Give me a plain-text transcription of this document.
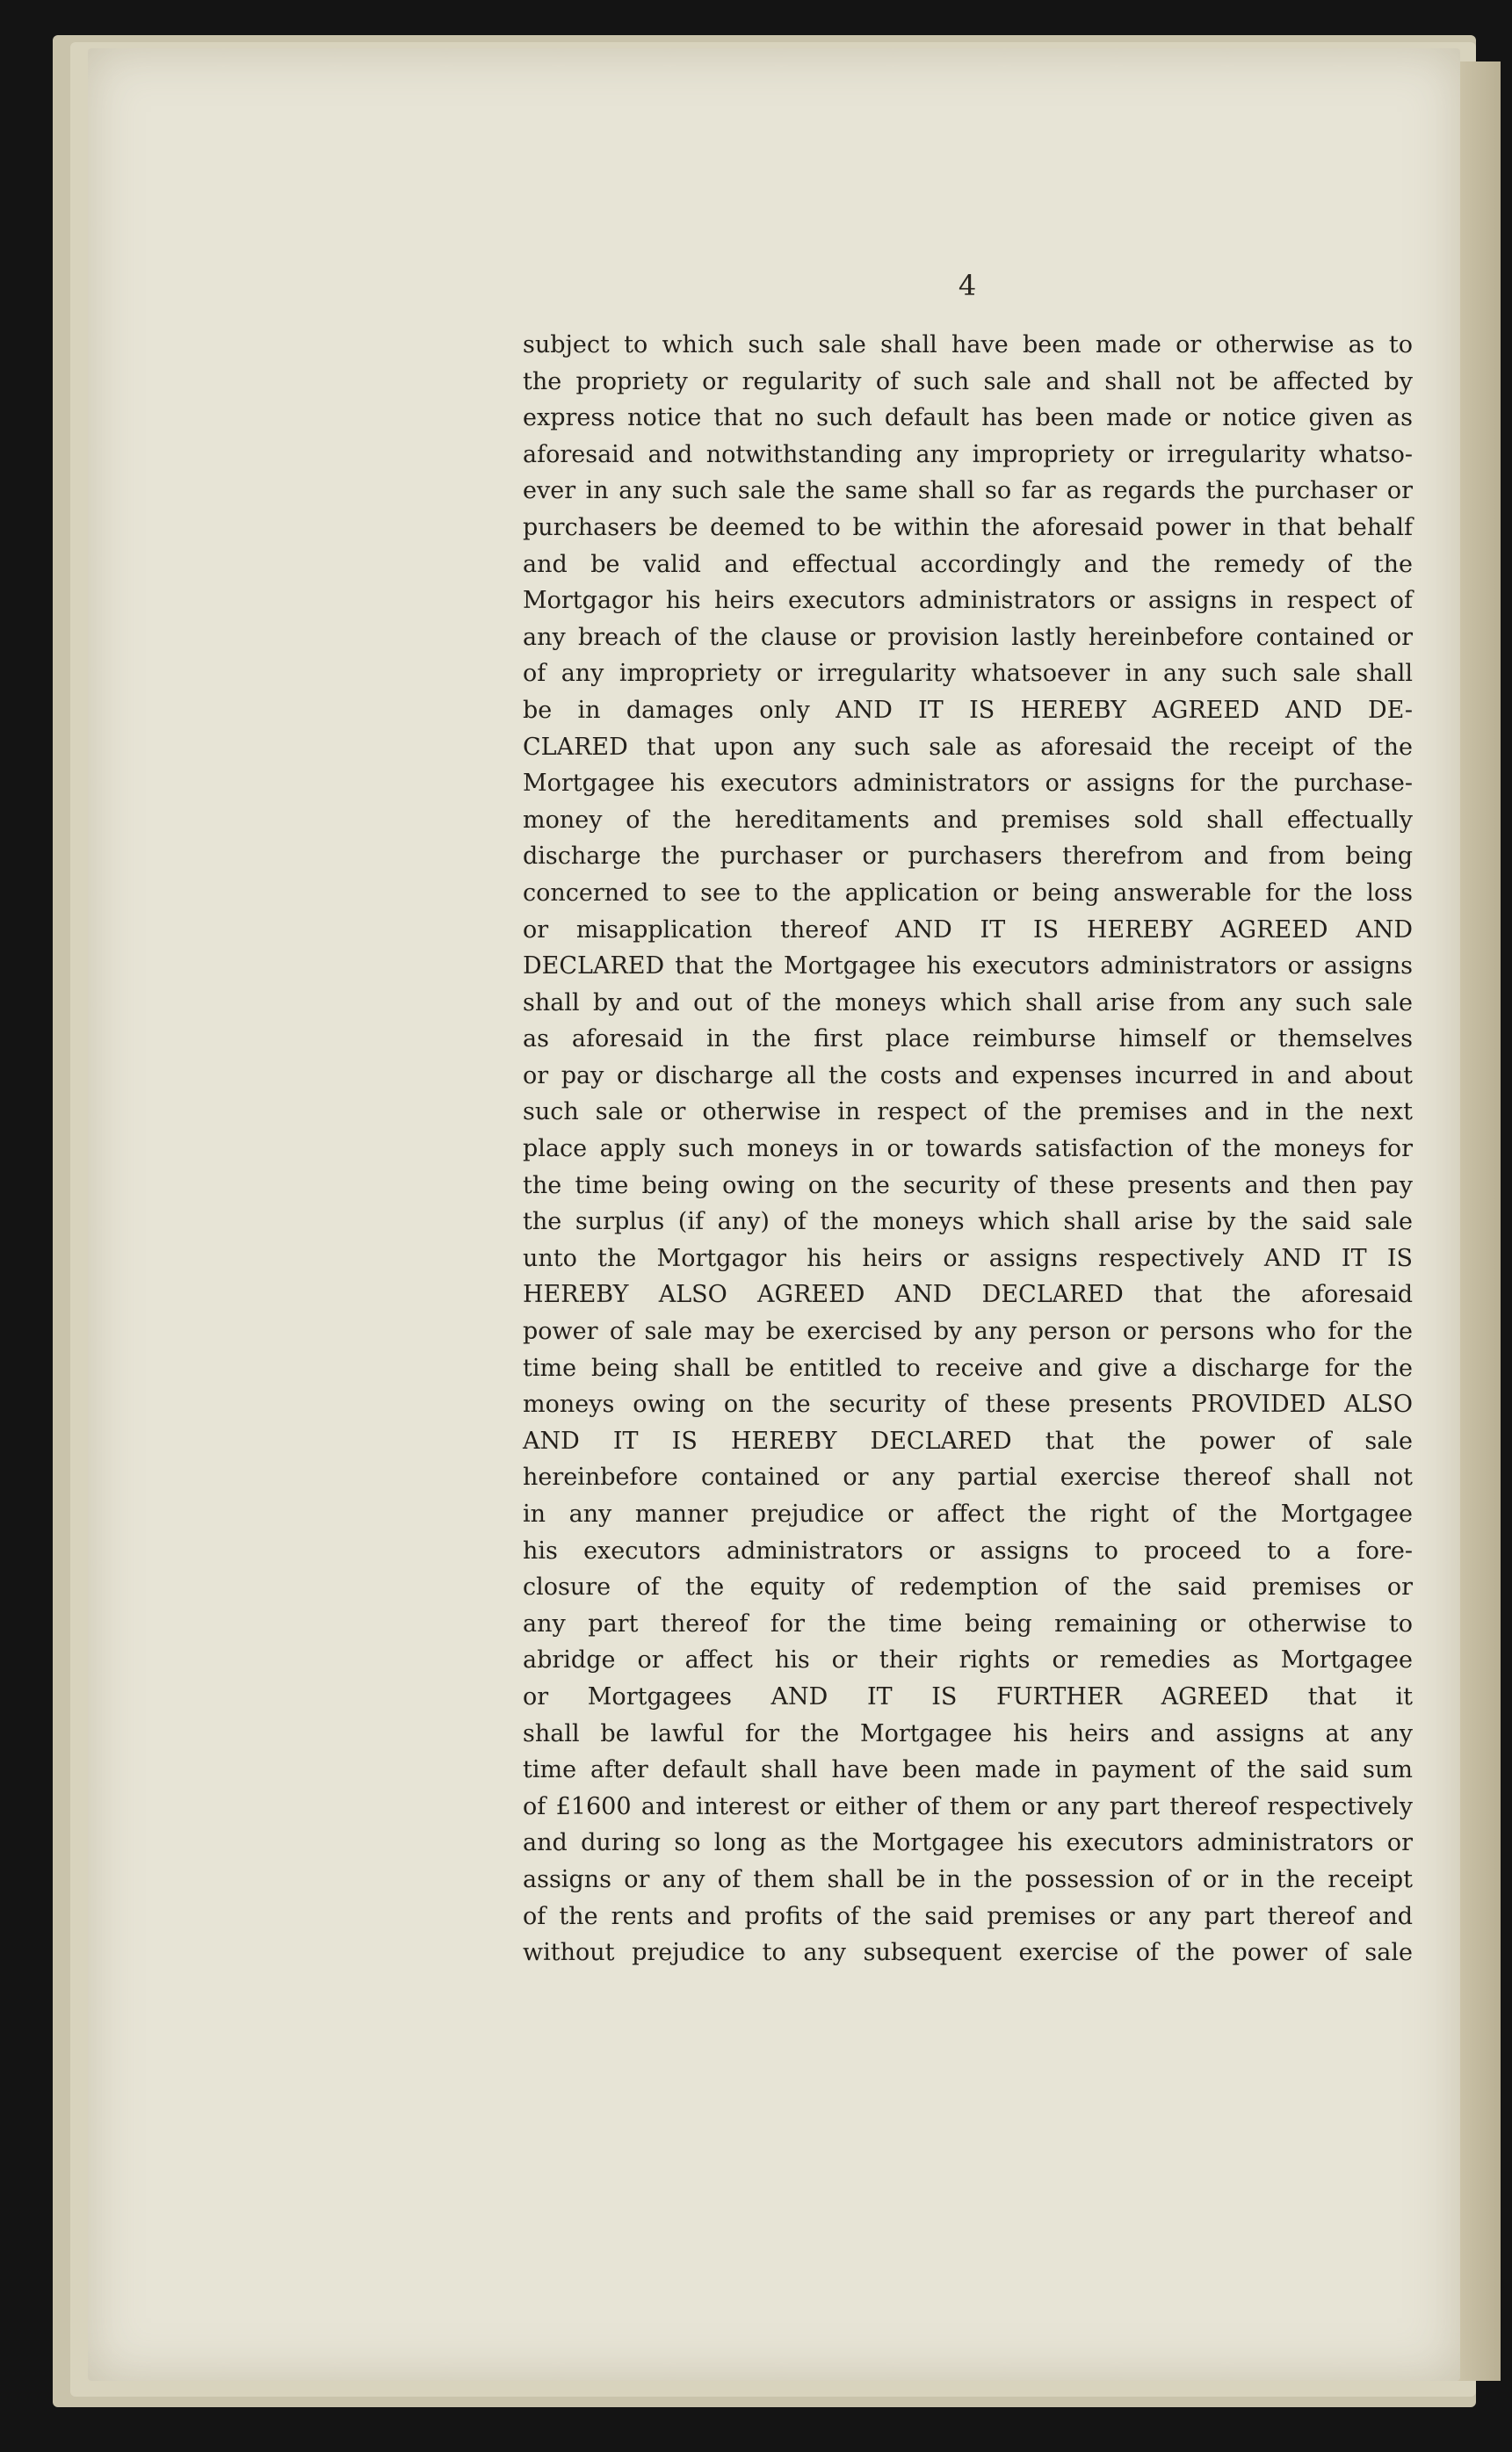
4
subject to which such sale shall have been made or otherwise as to
the propriety or regularity of such sale and shall not be affected by
express notice that no such default has been made or notice given as
aforesaid and notwithstanding any impropriety or irregularity whatso-
ever in any such sale the same shall so far as regards the purchaser or
purchasers be deemed to be within the aforesaid power in that behalf
and be valid and effectual accordingly and the remedy of the
Mortgagor his heirs executors administrators or assigns in respect of
any breach of the clause or provision lastly hereinbefore contained or
of any impropriety or irregularity whatsoever in any such sale shall
be in damages only AND IT IS HEREBY AGREED AND DE-
CLARED that upon any such sale as aforesaid the receipt of the
Mortgagee his executors administrators or assigns for the purchase-
money of the hereditaments and premises sold shall effectually
discharge the purchaser or purchasers therefrom and from being
concerned to see to the application or being answerable for the loss
or misapplication thereof AND IT IS HEREBY AGREED AND
DECLARED that the Mortgagee his executors administrators or assigns
shall by and out of the moneys which shall arise from any such sale
as aforesaid in the first place reimburse himself or themselves
or pay or discharge all the costs and expenses incurred in and about
such sale or otherwise in respect of the premises and in the next
place apply such moneys in or towards satisfaction of the moneys for
the time being owing on the security of these presents and then pay
the surplus (if any) of the moneys which shall arise by the said sale
unto the Mortgagor his heirs or assigns respectively AND IT IS
HEREBY ALSO AGREED AND DECLARED that the aforesaid
power of sale may be exercised by any person or persons who for the
time being shall be entitled to receive and give a discharge for the
moneys owing on the security of these presents PROVIDED ALSO
AND IT IS HEREBY DECLARED that the power of sale
hereinbefore contained or any partial exercise thereof shall not
in any manner prejudice or affect the right of the Mortgagee
his executors administrators or assigns to proceed to a fore-
closure of the equity of redemption of the said premises or
any part thereof for the time being remaining or otherwise to
abridge or affect his or their rights or remedies as Mortgagee
or Mortgagees AND IT IS FURTHER AGREED that it
shall be lawful for the Mortgagee his heirs and assigns at any
time after default shall have been made in payment of the said sum
of £1600 and interest or either of them or any part thereof respectively
and during so long as the Mortgagee his executors administrators or
assigns or any of them shall be in the possession of or in the receipt
of the rents and profits of the said premises or any part thereof and
without prejudice to any subsequent exercise of the power of sale
